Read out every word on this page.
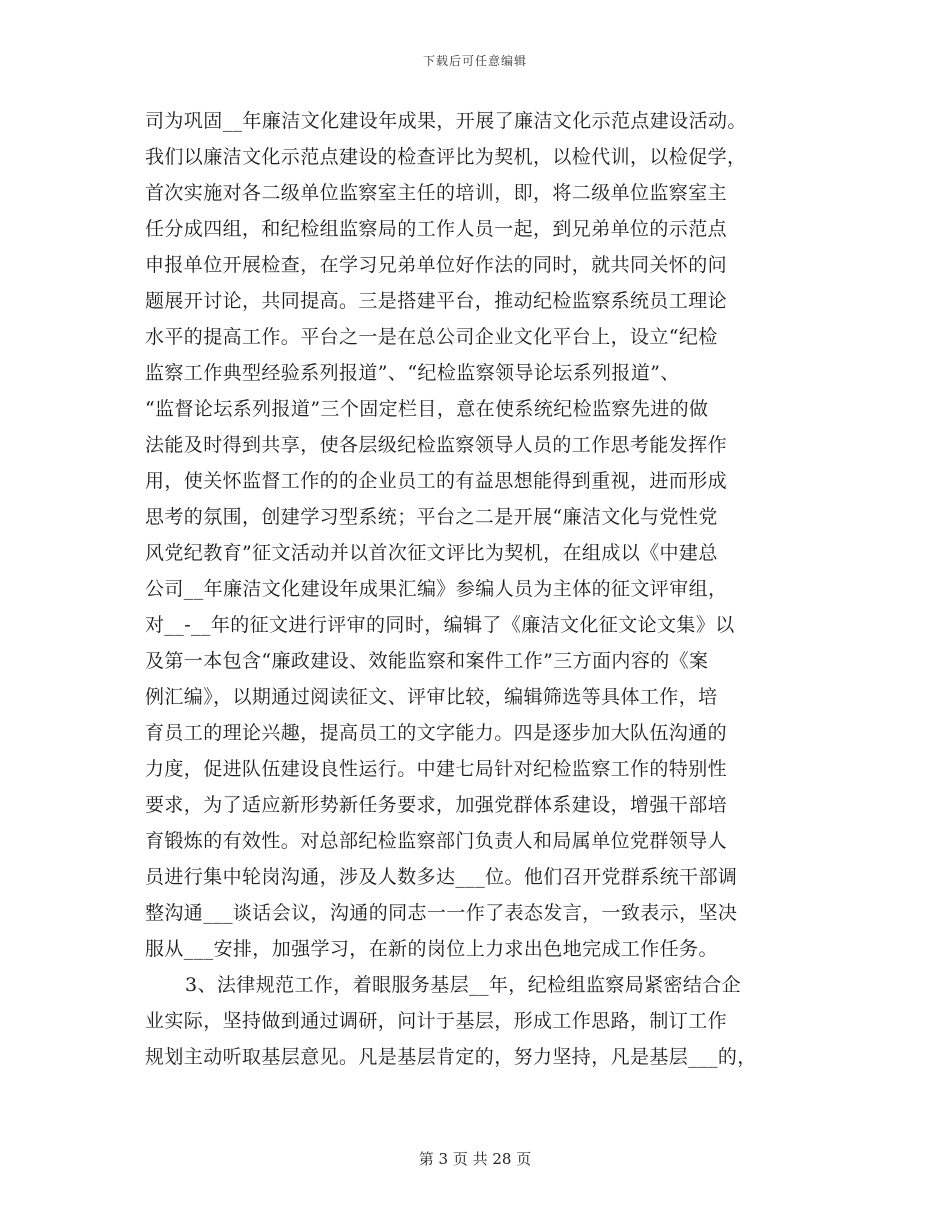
下载后可任意编辑
司为巩固__年廉洁文化建设年成果，开展了廉洁文化示范点建设活动。
我们以廉洁文化示范点建设的检查评比为契机，以检代训，以检促学，
首次实施对各二级单位监察室主任的培训，即，将二级单位监察室主
任分成四组，和纪检组监察局的工作人员一起，到兄弟单位的示范点
申报单位开展检查，在学习兄弟单位好作法的同时，就共同关怀的问
题展开讨论，共同提高。三是搭建平台，推动纪检监察系统员工理论
水平的提高工作。平台之一是在总公司企业文化平台上，设立“纪检
监察工作典型经验系列报道”、“纪检监察领导论坛系列报道”、
“监督论坛系列报道”三个固定栏目，意在使系统纪检监察先进的做
法能及时得到共享，使各层级纪检监察领导人员的工作思考能发挥作
用，使关怀监督工作的的企业员工的有益思想能得到重视，进而形成
思考的氛围，创建学习型系统；平台之二是开展“廉洁文化与党性党
风党纪教育”征文活动并以首次征文评比为契机，在组成以《中建总
公司__年廉洁文化建设年成果汇编》参编人员为主体的征文评审组，
对__-__年的征文进行评审的同时，编辑了《廉洁文化征文论文集》以
及第一本包含“廉政建设、效能监察和案件工作”三方面内容的《案
例汇编》，以期通过阅读征文、评审比较，编辑筛选等具体工作，培
育员工的理论兴趣，提高员工的文字能力。四是逐步加大队伍沟通的
力度，促进队伍建设良性运行。中建七局针对纪检监察工作的特别性
要求，为了适应新形势新任务要求，加强党群体系建设，增强干部培
育锻炼的有效性。对总部纪检监察部门负责人和局属单位党群领导人
员进行集中轮岗沟通，涉及人数多达___位。他们召开党群系统干部调
整沟通___谈话会议，沟通的同志一一作了表态发言，一致表示，坚决
服从___安排，加强学习，在新的岗位上力求出色地完成工作任务。
3、法律规范工作，着眼服务基层__年，纪检组监察局紧密结合企
业实际，坚持做到通过调研，问计于基层，形成工作思路，制订工作
规划主动听取基层意见。凡是基层肯定的，努力坚持，凡是基层___的，
第 3 页 共 28 页
